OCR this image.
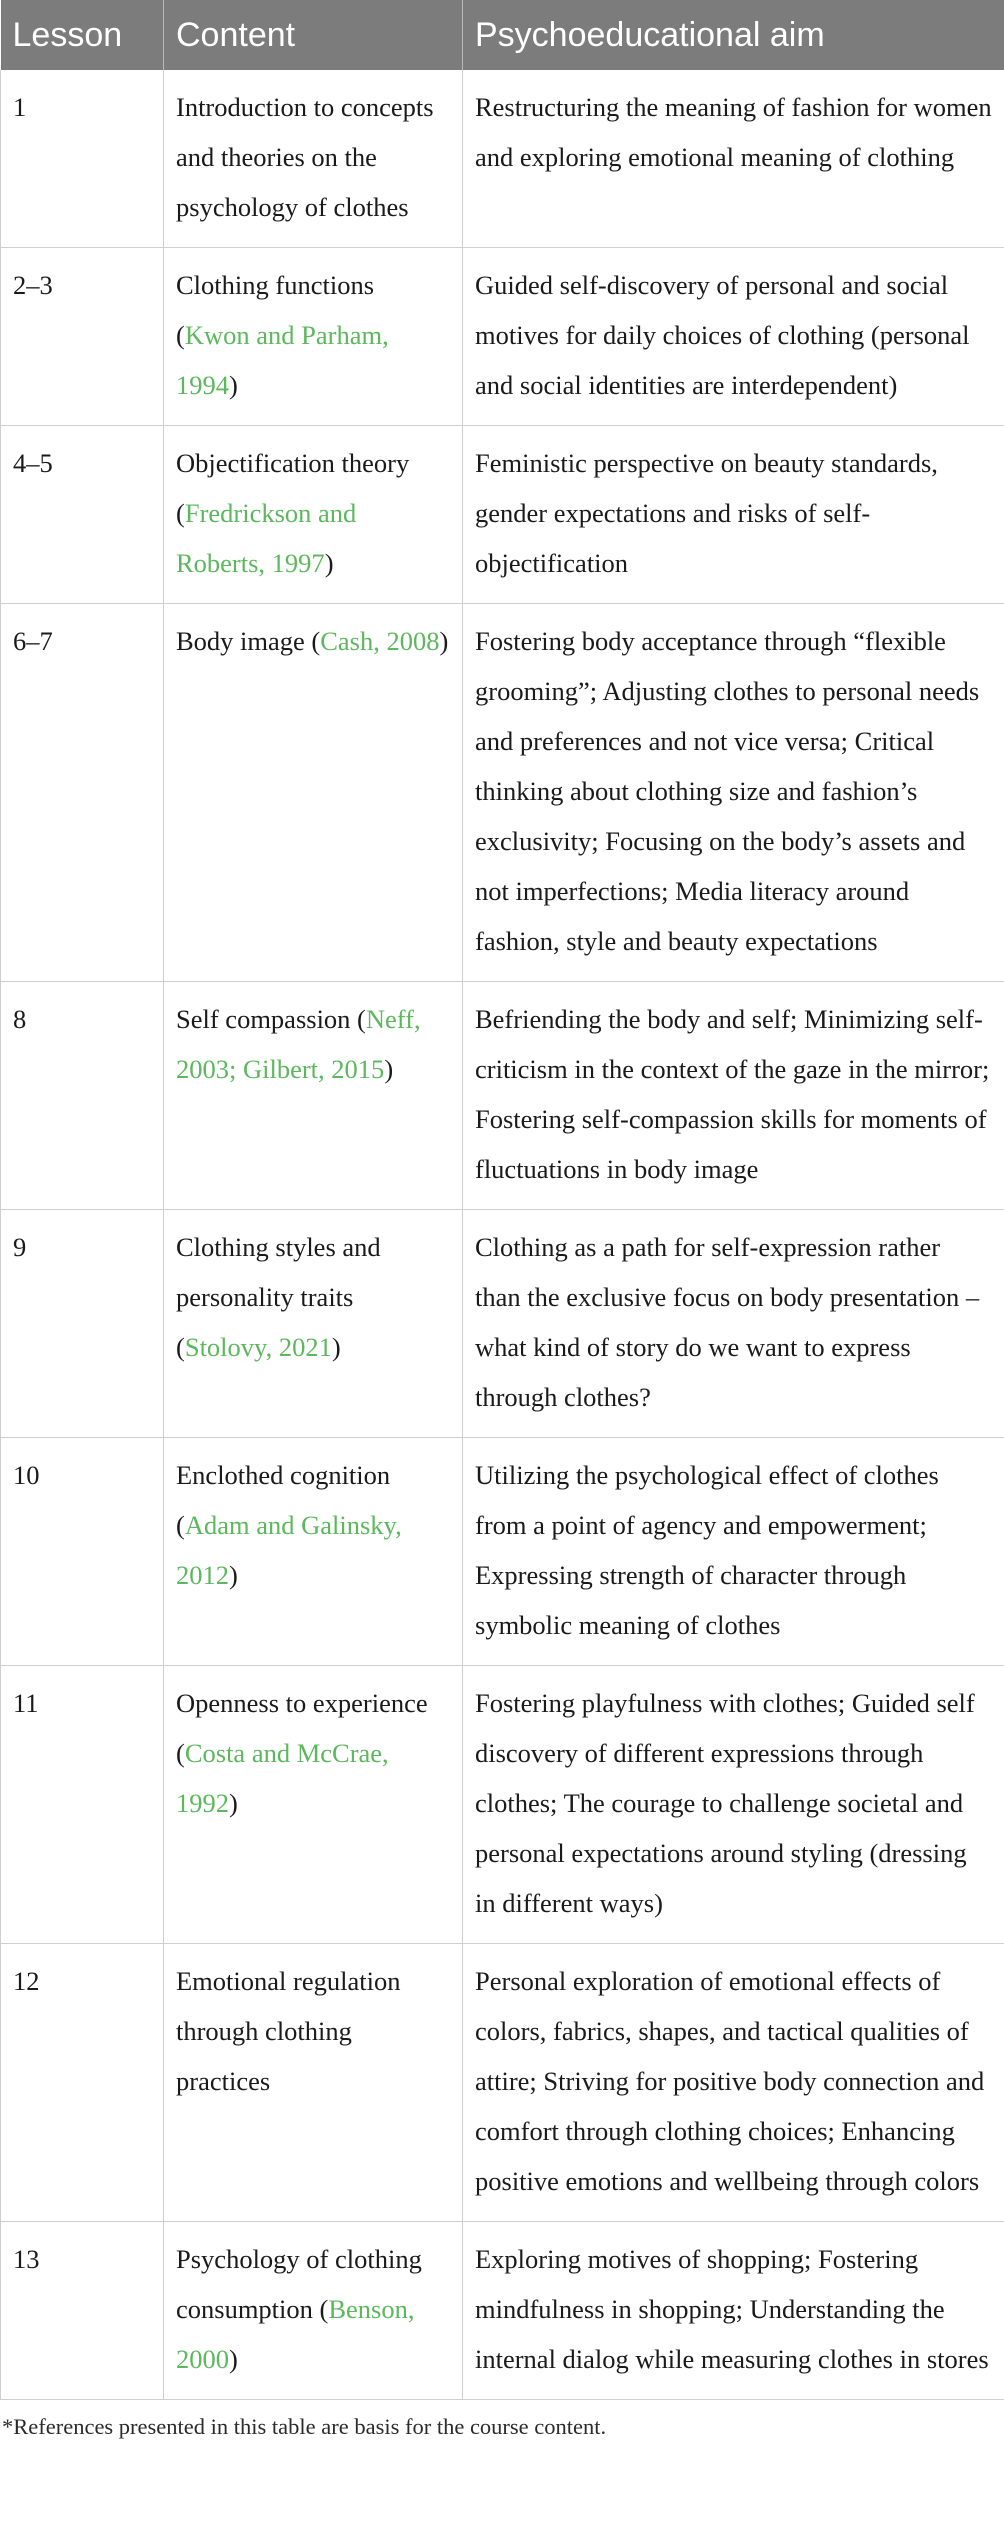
Lesson	Content	Psychoeducational aim
1	Introduction to concepts and theories on the psychology of clothes	Restructuring the meaning of fashion for women and exploring emotional meaning of clothing
2–3	Clothing functions (Kwon and Parham, 1994)	Guided self-discovery of personal and social motives for daily choices of clothing (personal and social identities are interdependent)
4–5	Objectification theory (Fredrickson and Roberts, 1997)	Feministic perspective on beauty standards, gender expectations and risks of self-objectification
6–7	Body image (Cash, 2008)	Fostering body acceptance through “flexible grooming”; Adjusting clothes to personal needs and preferences and not vice versa; Critical thinking about clothing size and fashion’s exclusivity; Focusing on the body’s assets and not imperfections; Media literacy around fashion, style and beauty expectations
8	Self compassion (Neff, 2003; Gilbert, 2015)	Befriending the body and self; Minimizing self-criticism in the context of the gaze in the mirror; Fostering self-compassion skills for moments of fluctuations in body image
9	Clothing styles and personality traits (Stolovy, 2021)	Clothing as a path for self-expression rather than the exclusive focus on body presentation – what kind of story do we want to express through clothes?
10	Enclothed cognition (Adam and Galinsky, 2012)	Utilizing the psychological effect of clothes from a point of agency and empowerment; Expressing strength of character through symbolic meaning of clothes
11	Openness to experience (Costa and McCrae, 1992)	Fostering playfulness with clothes; Guided self discovery of different expressions through clothes; The courage to challenge societal and personal expectations around styling (dressing in different ways)
12	Emotional regulation through clothing practices	Personal exploration of emotional effects of colors, fabrics, shapes, and tactical qualities of attire; Striving for positive body connection and comfort through clothing choices; Enhancing positive emotions and wellbeing through colors
13	Psychology of clothing consumption (Benson, 2000)	Exploring motives of shopping; Fostering mindfulness in shopping; Understanding the internal dialog while measuring clothes in stores
*References presented in this table are basis for the course content.
